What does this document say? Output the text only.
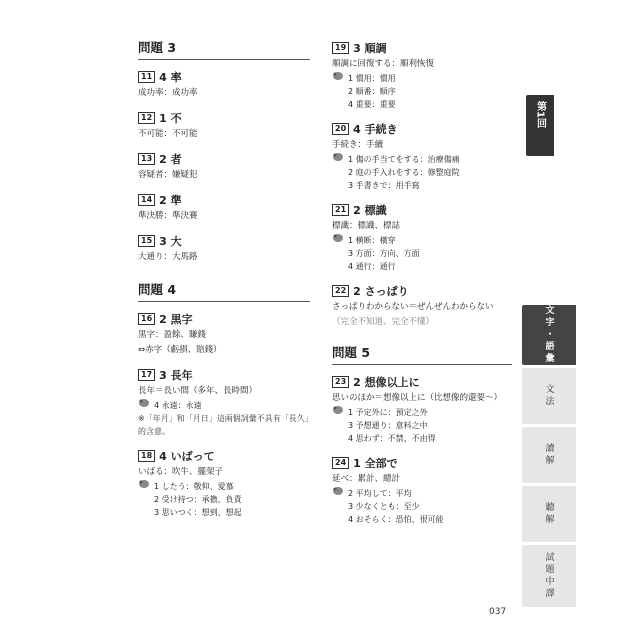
問題 3
11 4 率
成功率：成功率
12 1 不
不可能：不可能
13 2 者
容疑者：嫌疑犯
14 2 準
準決勝：準決賽
15 3 大
大通り：大馬路
問題 4
16 2 黒字
黒字：盈餘、賺錢
⇔赤字（虧損、賠錢）
17 3 長年
長年＝長い間（多年、長時間）
4 永遠：永遠
※「年月」和「月日」這兩個詞彙不具有「長久」的含意。
18 4 いばって
いばる：吹牛、擺架子
1 したう：敬仰、愛慕
2 受け持つ：承擔、負責
3 思いつく：想到、想起
19 3 順調
順調に回復する：順利恢復
1 慣用：慣用
2 順番：順序
4 重要：重要
20 4 手続き
手続き：手續
1 傷の手当てをする：治療傷痛
2 庭の手入れをする：修整庭院
3 手書きで：用手寫
21 2 標識
標識：標識、標誌
1 横断：橫穿
3 方面：方向、方面
4 通行：通行
22 2 さっぱり
さっぱりわからない＝ぜんぜんわからない
（完全不知道、完全不懂）
問題 5
23 2 想像以上に
思いのほか＝想像以上に（比想像的還要～）
1 予定外に：預定之外
3 予想通り：意料之中
4 思わず：不禁、不由得
24 1 全部で
延べ：累計、總計
2 平均して：平均
3 少なくとも：至少
4 おそらく：恐怕、很可能
第1回
文字・語彙
文法
讀解
聽解
試題中譯
037
